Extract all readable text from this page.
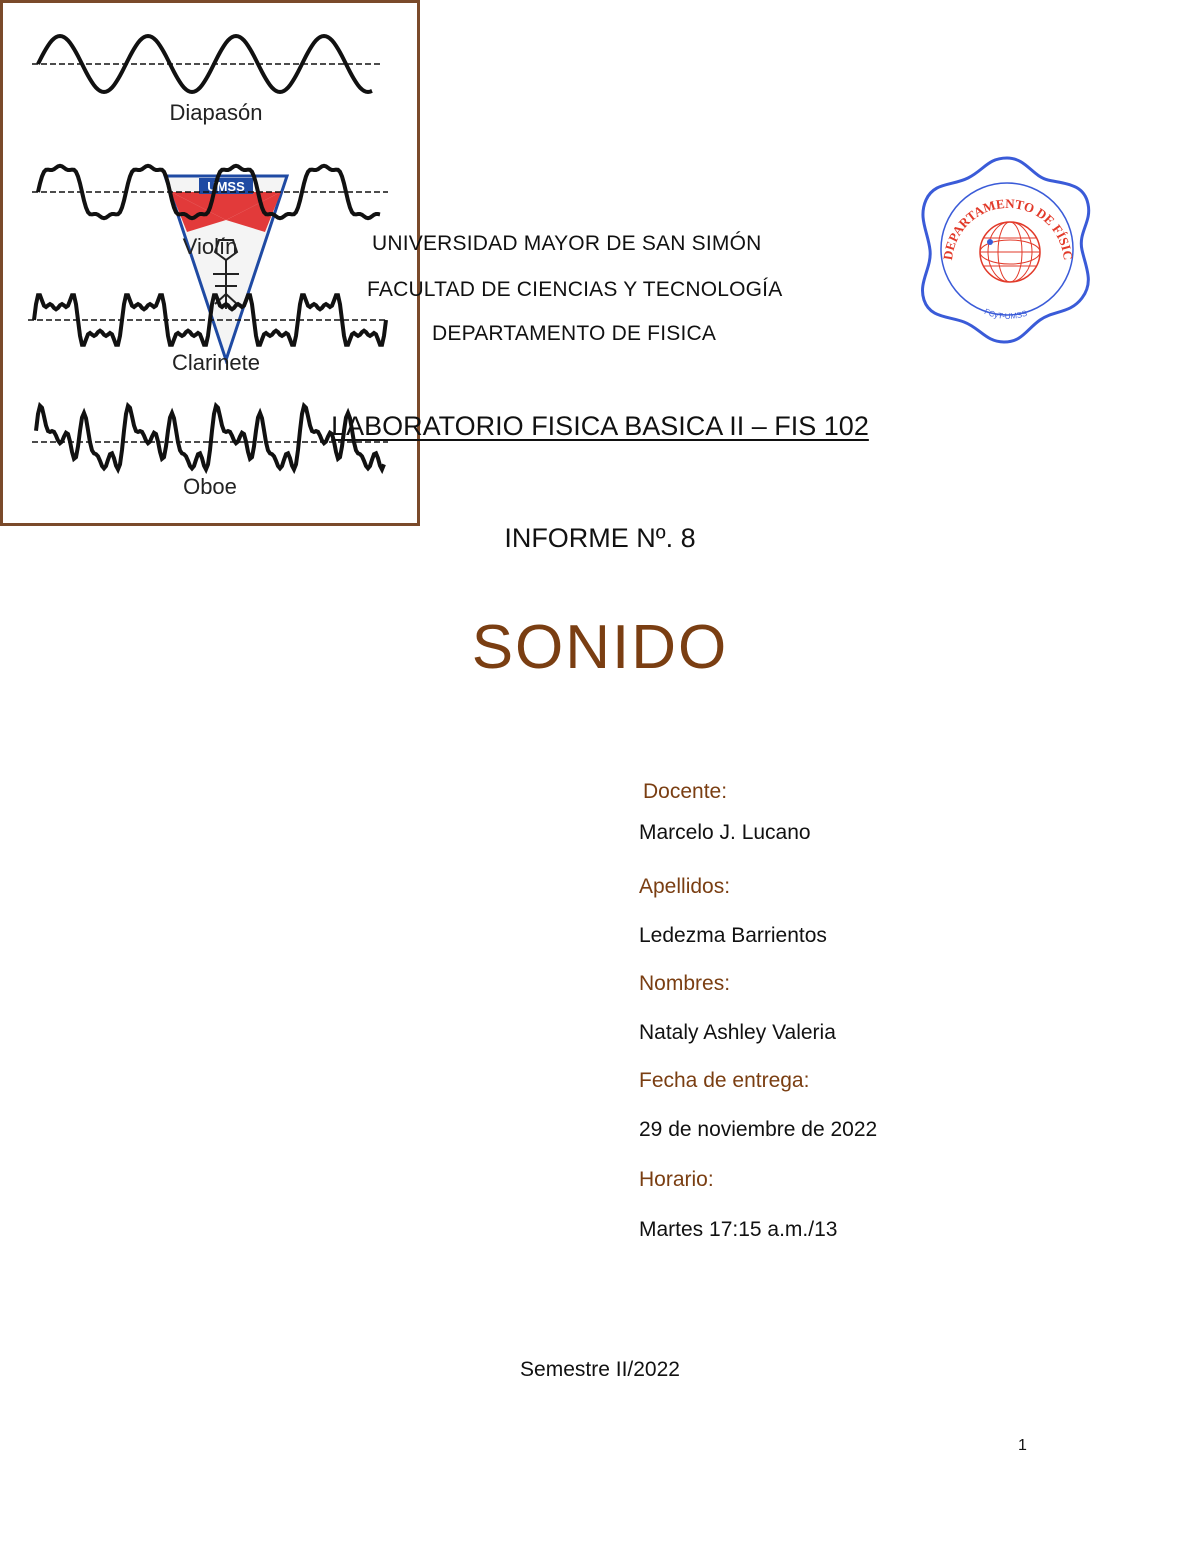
UMSS
DEPARTAMENTO DE FÍSIC
FCyT-UMSS
UNIVERSIDAD MAYOR DE SAN SIMÓN
FACULTAD DE CIENCIAS Y TECNOLOGÍA
DEPARTAMENTO DE FISICA
LABORATORIO FISICA BASICA II – FIS 102
INFORME Nº. 8
SONIDO
Diapasón
Violín
Clarinete
Oboe
Docente:
Marcelo J. Lucano
Apellidos:
Ledezma Barrientos
Nombres:
Nataly Ashley Valeria
Fecha de entrega:
29 de noviembre de 2022
Horario:
Martes 17:15 a.m./13
Semestre II/2022
1
